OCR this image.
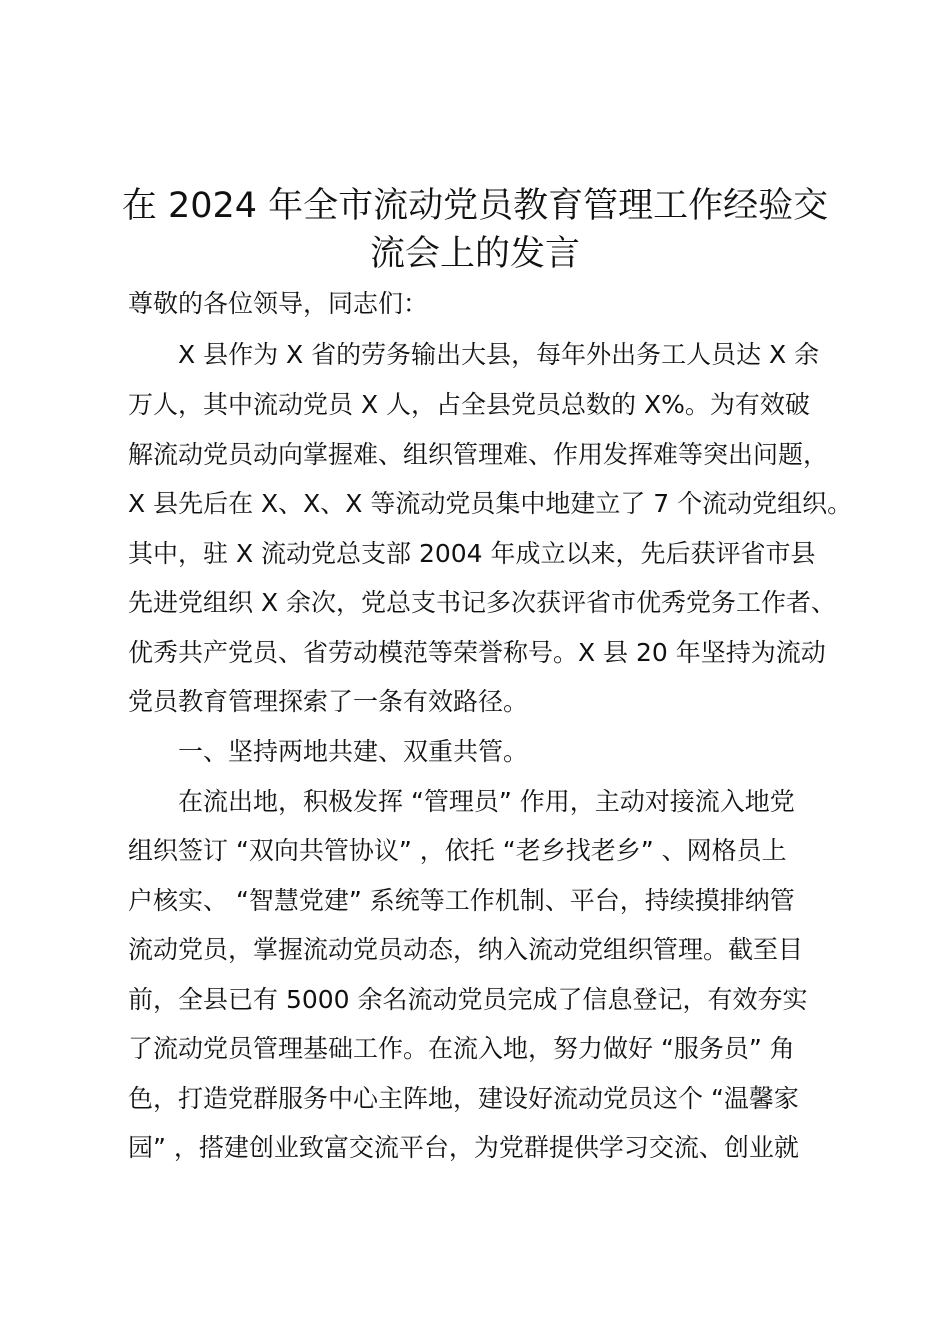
在 2024 年全市流动党员教育管理工作经验交
流会上的发言
尊敬的各位领导，同志们：
X 县作为 X 省的劳务输出大县，每年外出务工人员达 X 余
万人，其中流动党员 X 人，占全县党员总数的 X%。为有效破
解流动党员动向掌握难、组织管理难、作用发挥难等突出问题，
X 县先后在 X、X、X 等流动党员集中地建立了 7 个流动党组织。
其中，驻 X 流动党总支部 2004 年成立以来，先后获评省市县
先进党组织 X 余次，党总支书记多次获评省市优秀党务工作者、
优秀共产党员、省劳动模范等荣誉称号。X 县 20 年坚持为流动
党员教育管理探索了一条有效路径。
一、坚持两地共建、双重共管。
在流出地，积极发挥 “管理员” 作用，主动对接流入地党
组织签订 “双向共管协议” ，依托 “老乡找老乡” 、网格员上
户核实、 “智慧党建” 系统等工作机制、平台，持续摸排纳管
流动党员，掌握流动党员动态，纳入流动党组织管理。截至目
前，全县已有 5000 余名流动党员完成了信息登记，有效夯实
了流动党员管理基础工作。在流入地，努力做好 “服务员” 角
色，打造党群服务中心主阵地，建设好流动党员这个 “温馨家
园” ，搭建创业致富交流平台，为党群提供学习交流、创业就
